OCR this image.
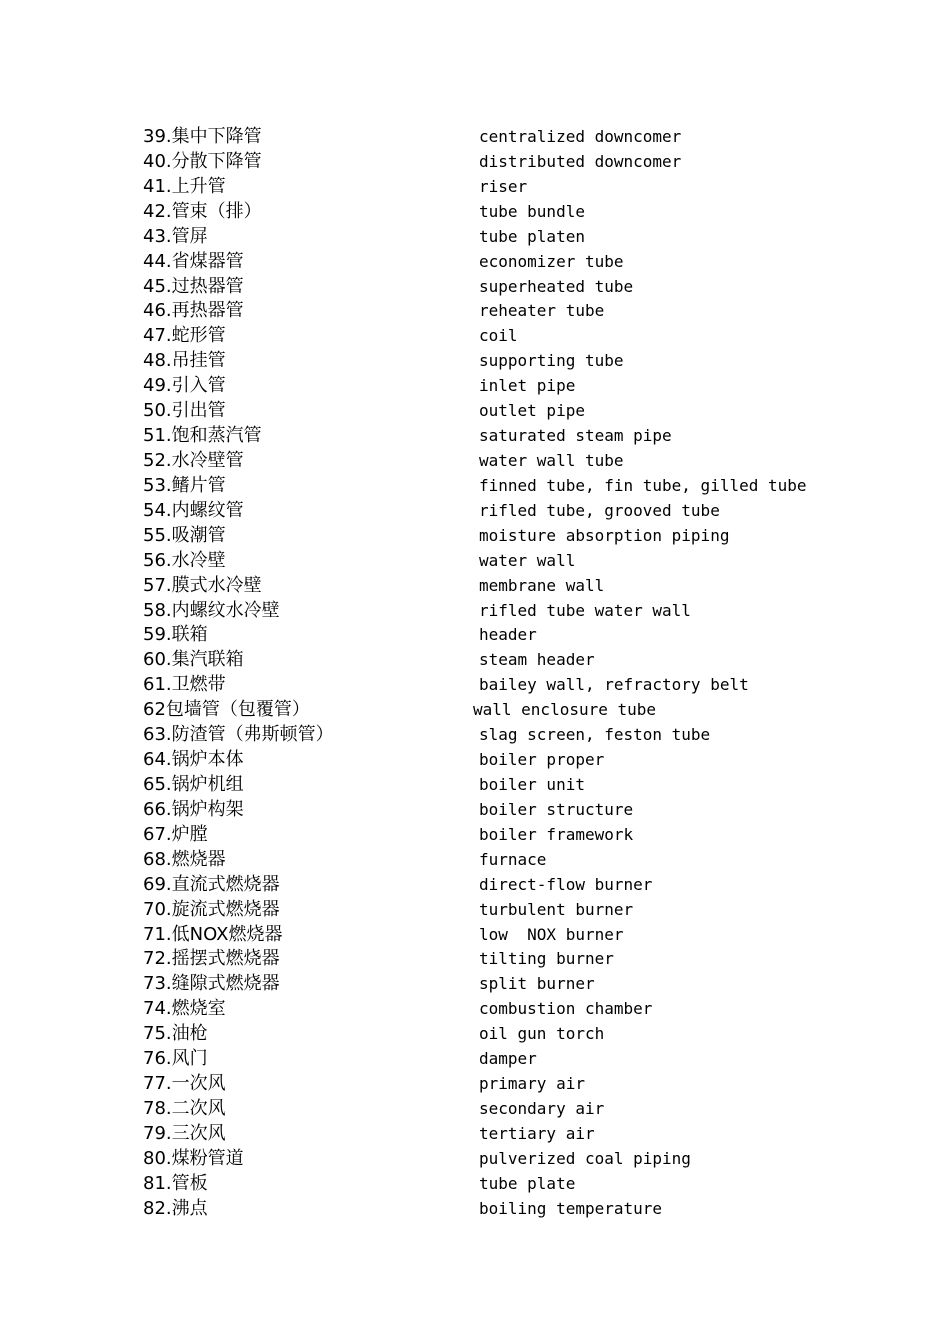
39.集中下降管	centralized downcomer
40.分散下降管	distributed downcomer
41.上升管	riser
42.管束（排）	tube bundle
43.管屏	tube platen
44.省煤器管	economizer tube
45.过热器管	superheated tube
46.再热器管	reheater tube
47.蛇形管	coil
48.吊挂管	supporting tube
49.引入管	inlet pipe
50.引出管	outlet pipe
51.饱和蒸汽管	saturated steam pipe
52.水冷壁管	water wall tube
53.鳍片管	finned tube, fin tube, gilled tube
54.内螺纹管	rifled tube, grooved tube
55.吸潮管	moisture absorption piping
56.水冷壁	water wall
57.膜式水冷壁	membrane wall
58.内螺纹水冷壁	rifled tube water wall
59.联箱	header
60.集汽联箱	steam header
61.卫燃带	bailey wall, refractory belt
62包墙管（包覆管）	wall enclosure tube
63.防渣管（弗斯顿管）	slag screen, feston tube
64.锅炉本体	boiler proper
65.锅炉机组	boiler unit
66.锅炉构架	boiler structure
67.炉膛	boiler framework
68.燃烧器	furnace
69.直流式燃烧器	direct-flow burner
70.旋流式燃烧器	turbulent burner
71.低NOX燃烧器	low  NOX burner
72.摇摆式燃烧器	tilting burner
73.缝隙式燃烧器	split burner
74.燃烧室	combustion chamber
75.油枪	oil gun torch
76.风门	damper
77.一次风	primary air
78.二次风	secondary air
79.三次风	tertiary air
80.煤粉管道	pulverized coal piping
81.管板	tube plate
82.沸点	boiling temperature
